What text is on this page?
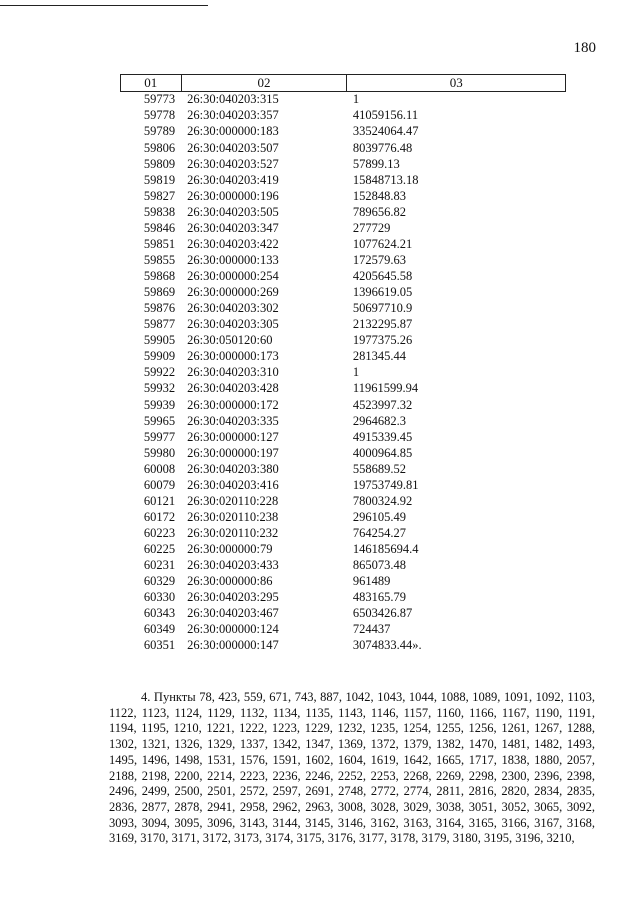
180
01	02	03
59773	26:30:040203:315	1
59778	26:30:040203:357	41059156.11
59789	26:30:000000:183	33524064.47
59806	26:30:040203:507	8039776.48
59809	26:30:040203:527	57899.13
59819	26:30:040203:419	15848713.18
59827	26:30:000000:196	152848.83
59838	26:30:040203:505	789656.82
59846	26:30:040203:347	277729
59851	26:30:040203:422	1077624.21
59855	26:30:000000:133	172579.63
59868	26:30:000000:254	4205645.58
59869	26:30:000000:269	1396619.05
59876	26:30:040203:302	50697710.9
59877	26:30:040203:305	2132295.87
59905	26:30:050120:60	1977375.26
59909	26:30:000000:173	281345.44
59922	26:30:040203:310	1
59932	26:30:040203:428	11961599.94
59939	26:30:000000:172	4523997.32
59965	26:30:040203:335	2964682.3
59977	26:30:000000:127	4915339.45
59980	26:30:000000:197	4000964.85
60008	26:30:040203:380	558689.52
60079	26:30:040203:416	19753749.81
60121	26:30:020110:228	7800324.92
60172	26:30:020110:238	296105.49
60223	26:30:020110:232	764254.27
60225	26:30:000000:79	146185694.4
60231	26:30:040203:433	865073.48
60329	26:30:000000:86	961489
60330	26:30:040203:295	483165.79
60343	26:30:040203:467	6503426.87
60349	26:30:000000:124	724437
60351	26:30:000000:147	3074833.44».
4. Пункты 78, 423, 559, 671, 743, 887, 1042, 1043, 1044, 1088, 1089, 1091, 1092, 1103, 1122, 1123, 1124, 1129, 1132, 1134, 1135, 1143, 1146, 1157, 1160, 1166, 1167, 1190, 1191, 1194, 1195, 1210, 1221, 1222, 1223, 1229, 1232, 1235, 1254, 1255, 1256, 1261, 1267, 1288, 1302, 1321, 1326, 1329, 1337, 1342, 1347, 1369, 1372, 1379, 1382, 1470, 1481, 1482, 1493, 1495, 1496, 1498, 1531, 1576, 1591, 1602, 1604, 1619, 1642, 1665, 1717, 1838, 1880, 2057, 2188, 2198, 2200, 2214, 2223, 2236, 2246, 2252, 2253, 2268, 2269, 2298, 2300, 2396, 2398, 2496, 2499, 2500, 2501, 2572, 2597, 2691, 2748, 2772, 2774, 2811, 2816, 2820, 2834, 2835, 2836, 2877, 2878, 2941, 2958, 2962, 2963, 3008, 3028, 3029, 3038, 3051, 3052, 3065, 3092, 3093, 3094, 3095, 3096, 3143, 3144, 3145, 3146, 3162, 3163, 3164, 3165, 3166, 3167, 3168, 3169, 3170, 3171, 3172, 3173, 3174, 3175, 3176, 3177, 3178, 3179, 3180, 3195, 3196, 3210,
